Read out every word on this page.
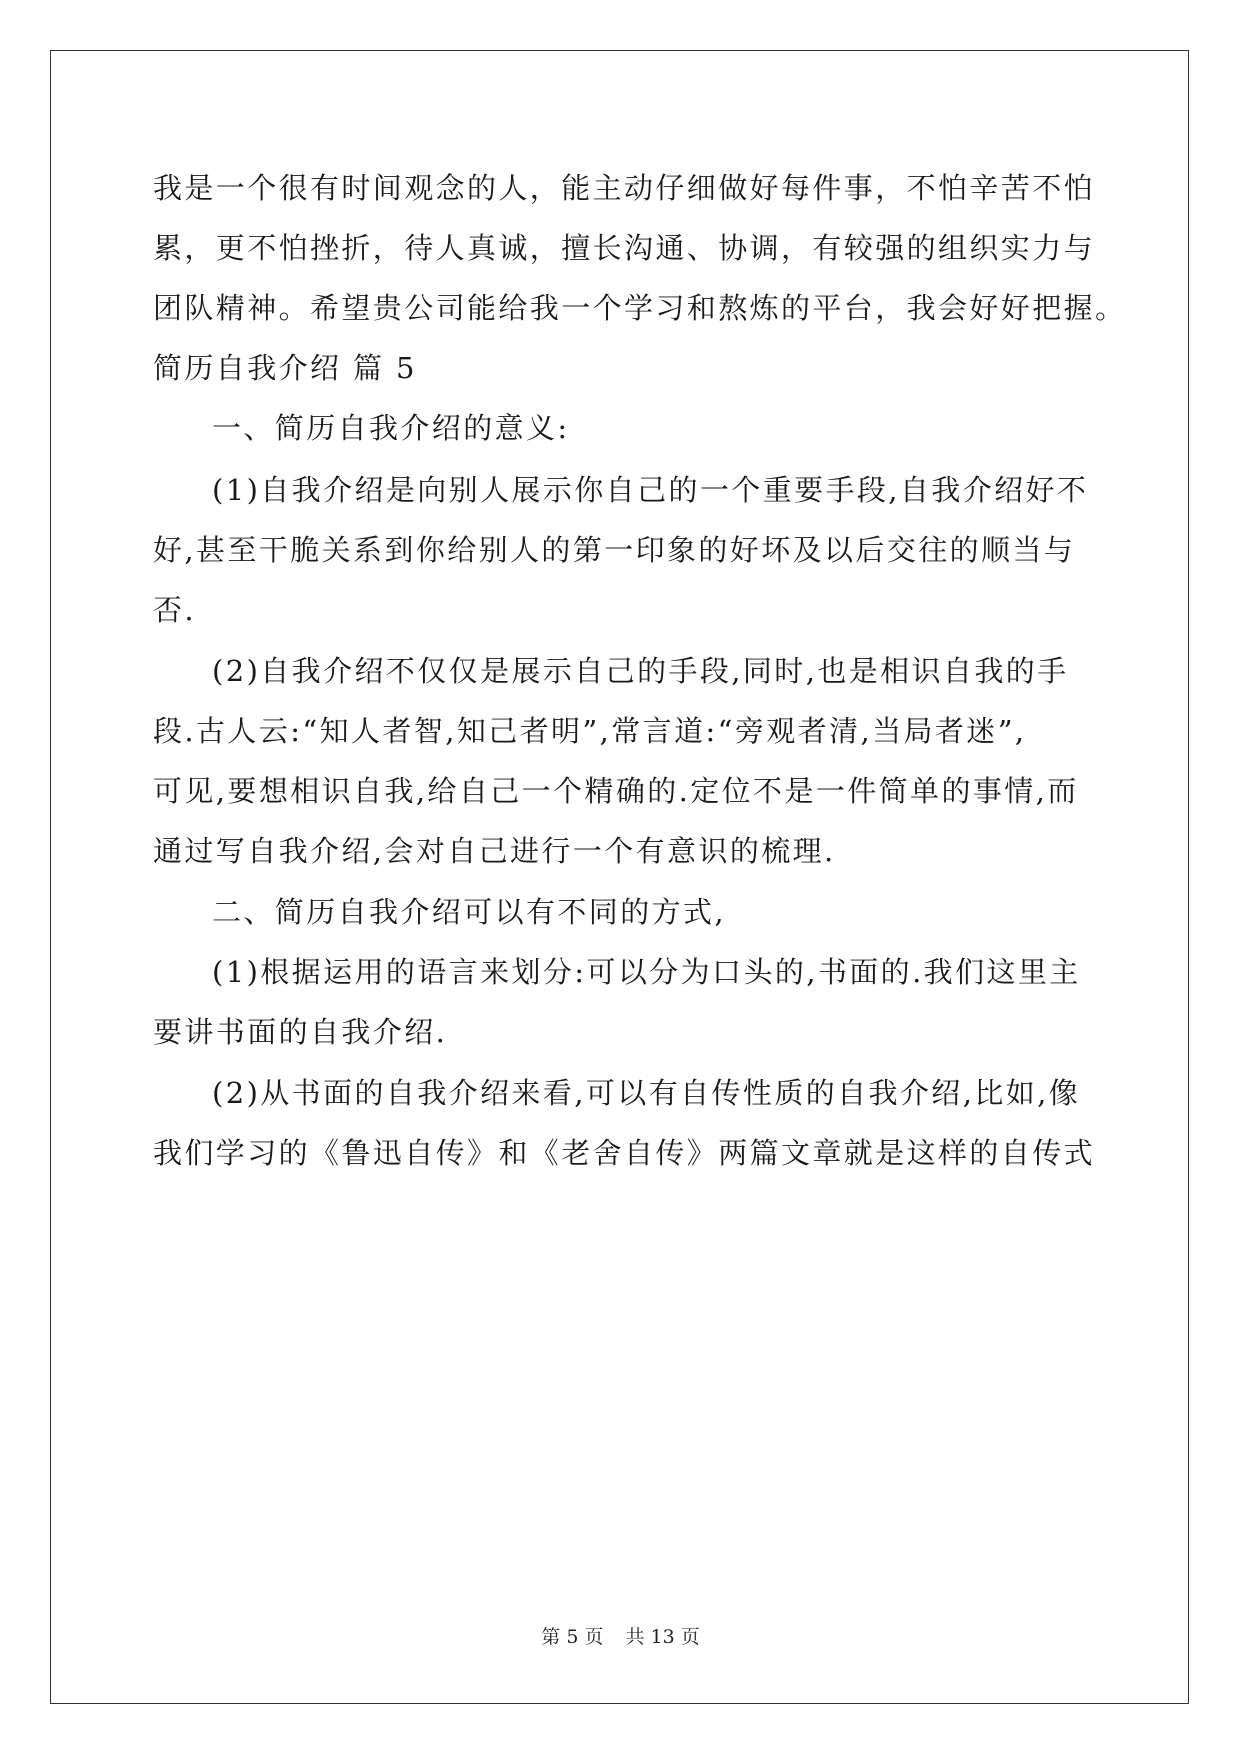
我是一个很有时间观念的人，能主动仔细做好每件事，不怕辛苦不怕
累，更不怕挫折，待人真诚，擅长沟通、协调，有较强的组织实力与
团队精神。希望贵公司能给我一个学习和熬炼的平台，我会好好把握。
简历自我介绍 篇 5
一、简历自我介绍的意义:
(1)自我介绍是向别人展示你自己的一个重要手段,自我介绍好不
好,甚至干脆关系到你给别人的第一印象的好坏及以后交往的顺当与
否.
(2)自我介绍不仅仅是展示自己的手段,同时,也是相识自我的手
段.古人云:“知人者智,知己者明”,常言道:“旁观者清,当局者迷”,
可见,要想相识自我,给自己一个精确的.定位不是一件简单的事情,而
通过写自我介绍,会对自己进行一个有意识的梳理.
二、简历自我介绍可以有不同的方式,
(1)根据运用的语言来划分:可以分为口头的,书面的.我们这里主
要讲书面的自我介绍.
(2)从书面的自我介绍来看,可以有自传性质的自我介绍,比如,像
我们学习的《鲁迅自传》和《老舍自传》两篇文章就是这样的自传式
第 5 页 共 13 页
